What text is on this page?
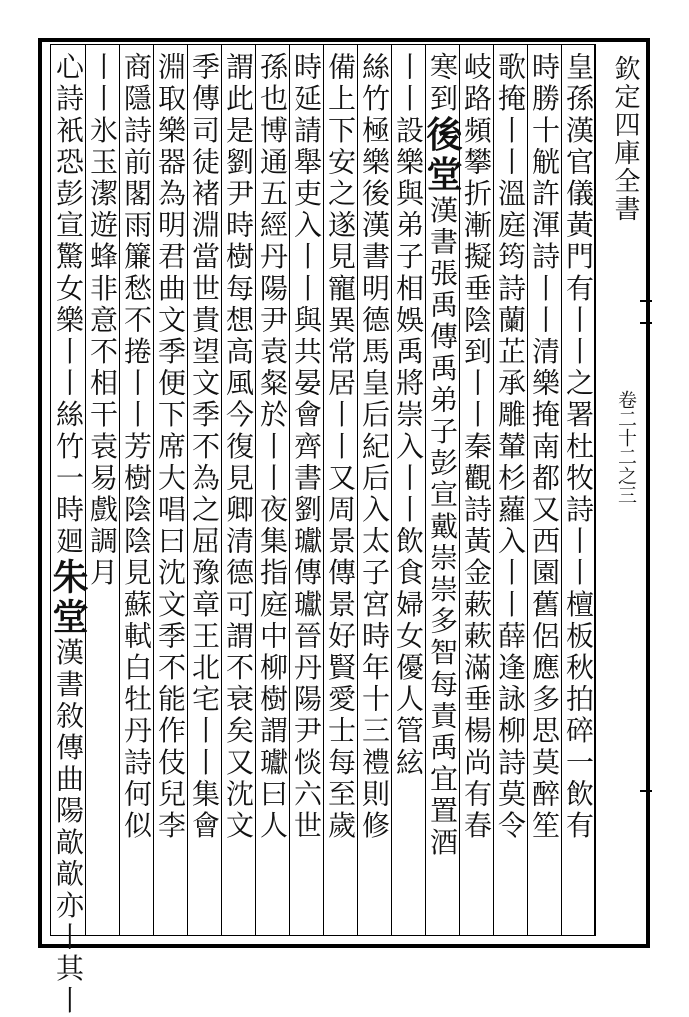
欽定四庫全書
卷二十二之三
皇孫漢官儀黃門有丨丨之署杜牧詩丨丨檀板秋拍碎一飲有
時勝十觥許渾詩丨丨清樂掩南都又西園舊侶應多思莫醉笙
歌掩丨丨溫庭筠詩蘭芷承雕輦杉蘿入丨丨薛逢詠柳詩莫令
岐路頻攀折漸擬垂陰到丨丨秦觀詩黃金蔌蔌滿垂楊尚有春
寒到後堂漢書張禹傳禹弟子彭宣戴崇崇多智每責禹宜置酒
丨丨設樂與弟子相娛禹將崇入丨丨飲食婦女優人管絃
絲竹極樂後漢書明德馬皇后紀后入太子宮時年十三禮則修
備上下安之遂見寵異常居丨丨又周景傳景好賢愛士每至歲
時延請舉吏入丨丨與共晏會齊書劉瓛傳瓛晉丹陽尹惔六世
孫也博通五經丹陽尹袁粲於丨丨夜集指庭中柳樹謂瓛曰人
謂此是劉尹時樹每想高風今復見卿清德可謂不衰矣又沈文
季傳司徒褚淵當世貴望文季不為之屈豫章王北宅丨丨集會
淵取樂器為明君曲文季便下席大唱曰沈文季不能作伎兒李
商隱詩前閣雨簾愁不捲丨丨芳樹陰陰見蘇軾白牡丹詩何似
丨丨氷玉潔遊蜂非意不相干袁易戲調月
心詩衹恐彭宣驚女樂丨丨絲竹一時廻朱堂漢書敘傳曲陽歊歊亦丨其丨
